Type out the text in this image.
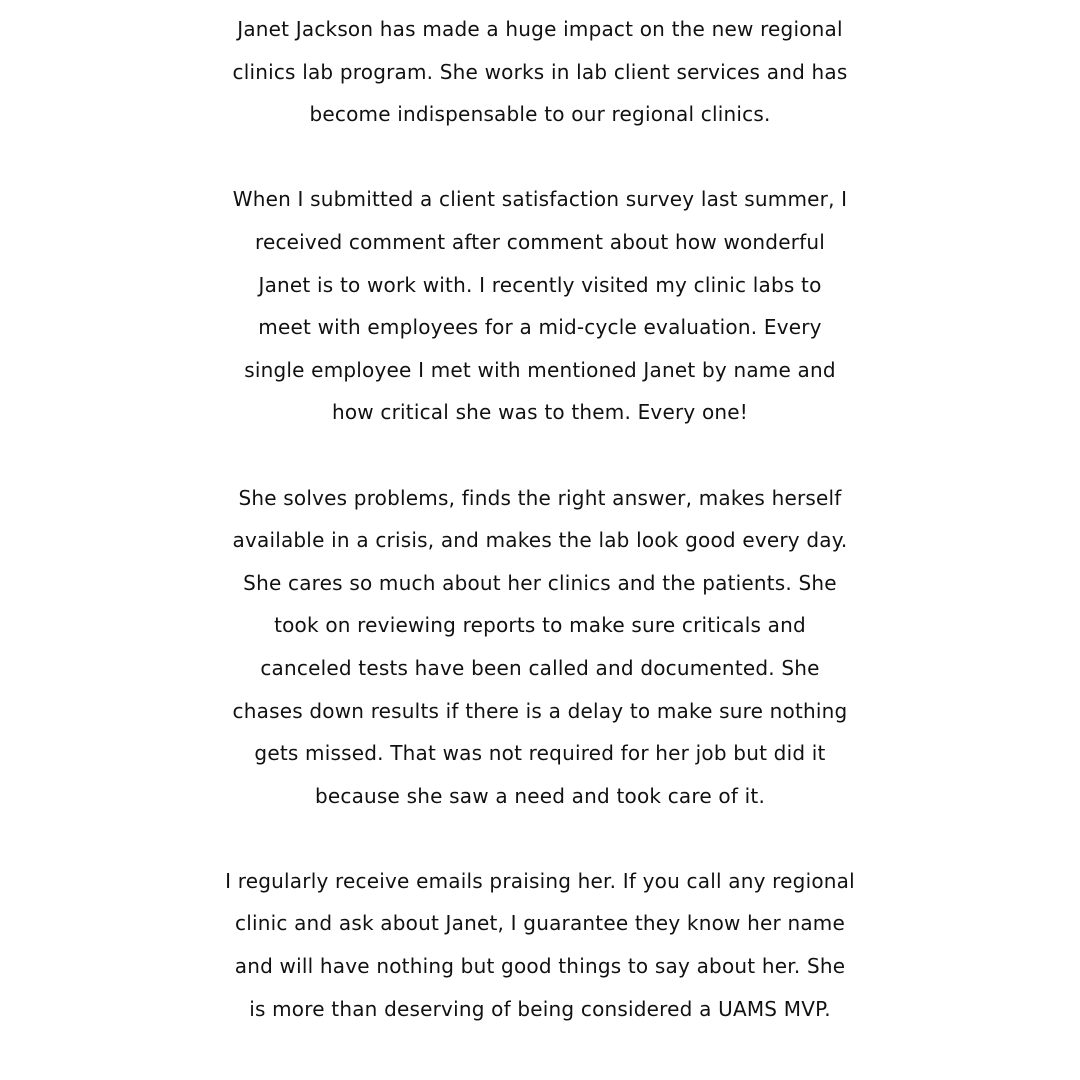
Janet Jackson has made a huge impact on the new regional
clinics lab program. She works in lab client services and has
become indispensable to our regional clinics.

When I submitted a client satisfaction survey last summer, I
received comment after comment about how wonderful
Janet is to work with. I recently visited my clinic labs to
meet with employees for a mid-cycle evaluation. Every
single employee I met with mentioned Janet by name and
how critical she was to them. Every one!

She solves problems, finds the right answer, makes herself
available in a crisis, and makes the lab look good every day.
She cares so much about her clinics and the patients. She
took on reviewing reports to make sure criticals and
canceled tests have been called and documented. She
chases down results if there is a delay to make sure nothing
gets missed. That was not required for her job but did it
because she saw a need and took care of it.

I regularly receive emails praising her. If you call any regional
clinic and ask about Janet, I guarantee they know her name
and will have nothing but good things to say about her. She
is more than deserving of being considered a UAMS MVP.
